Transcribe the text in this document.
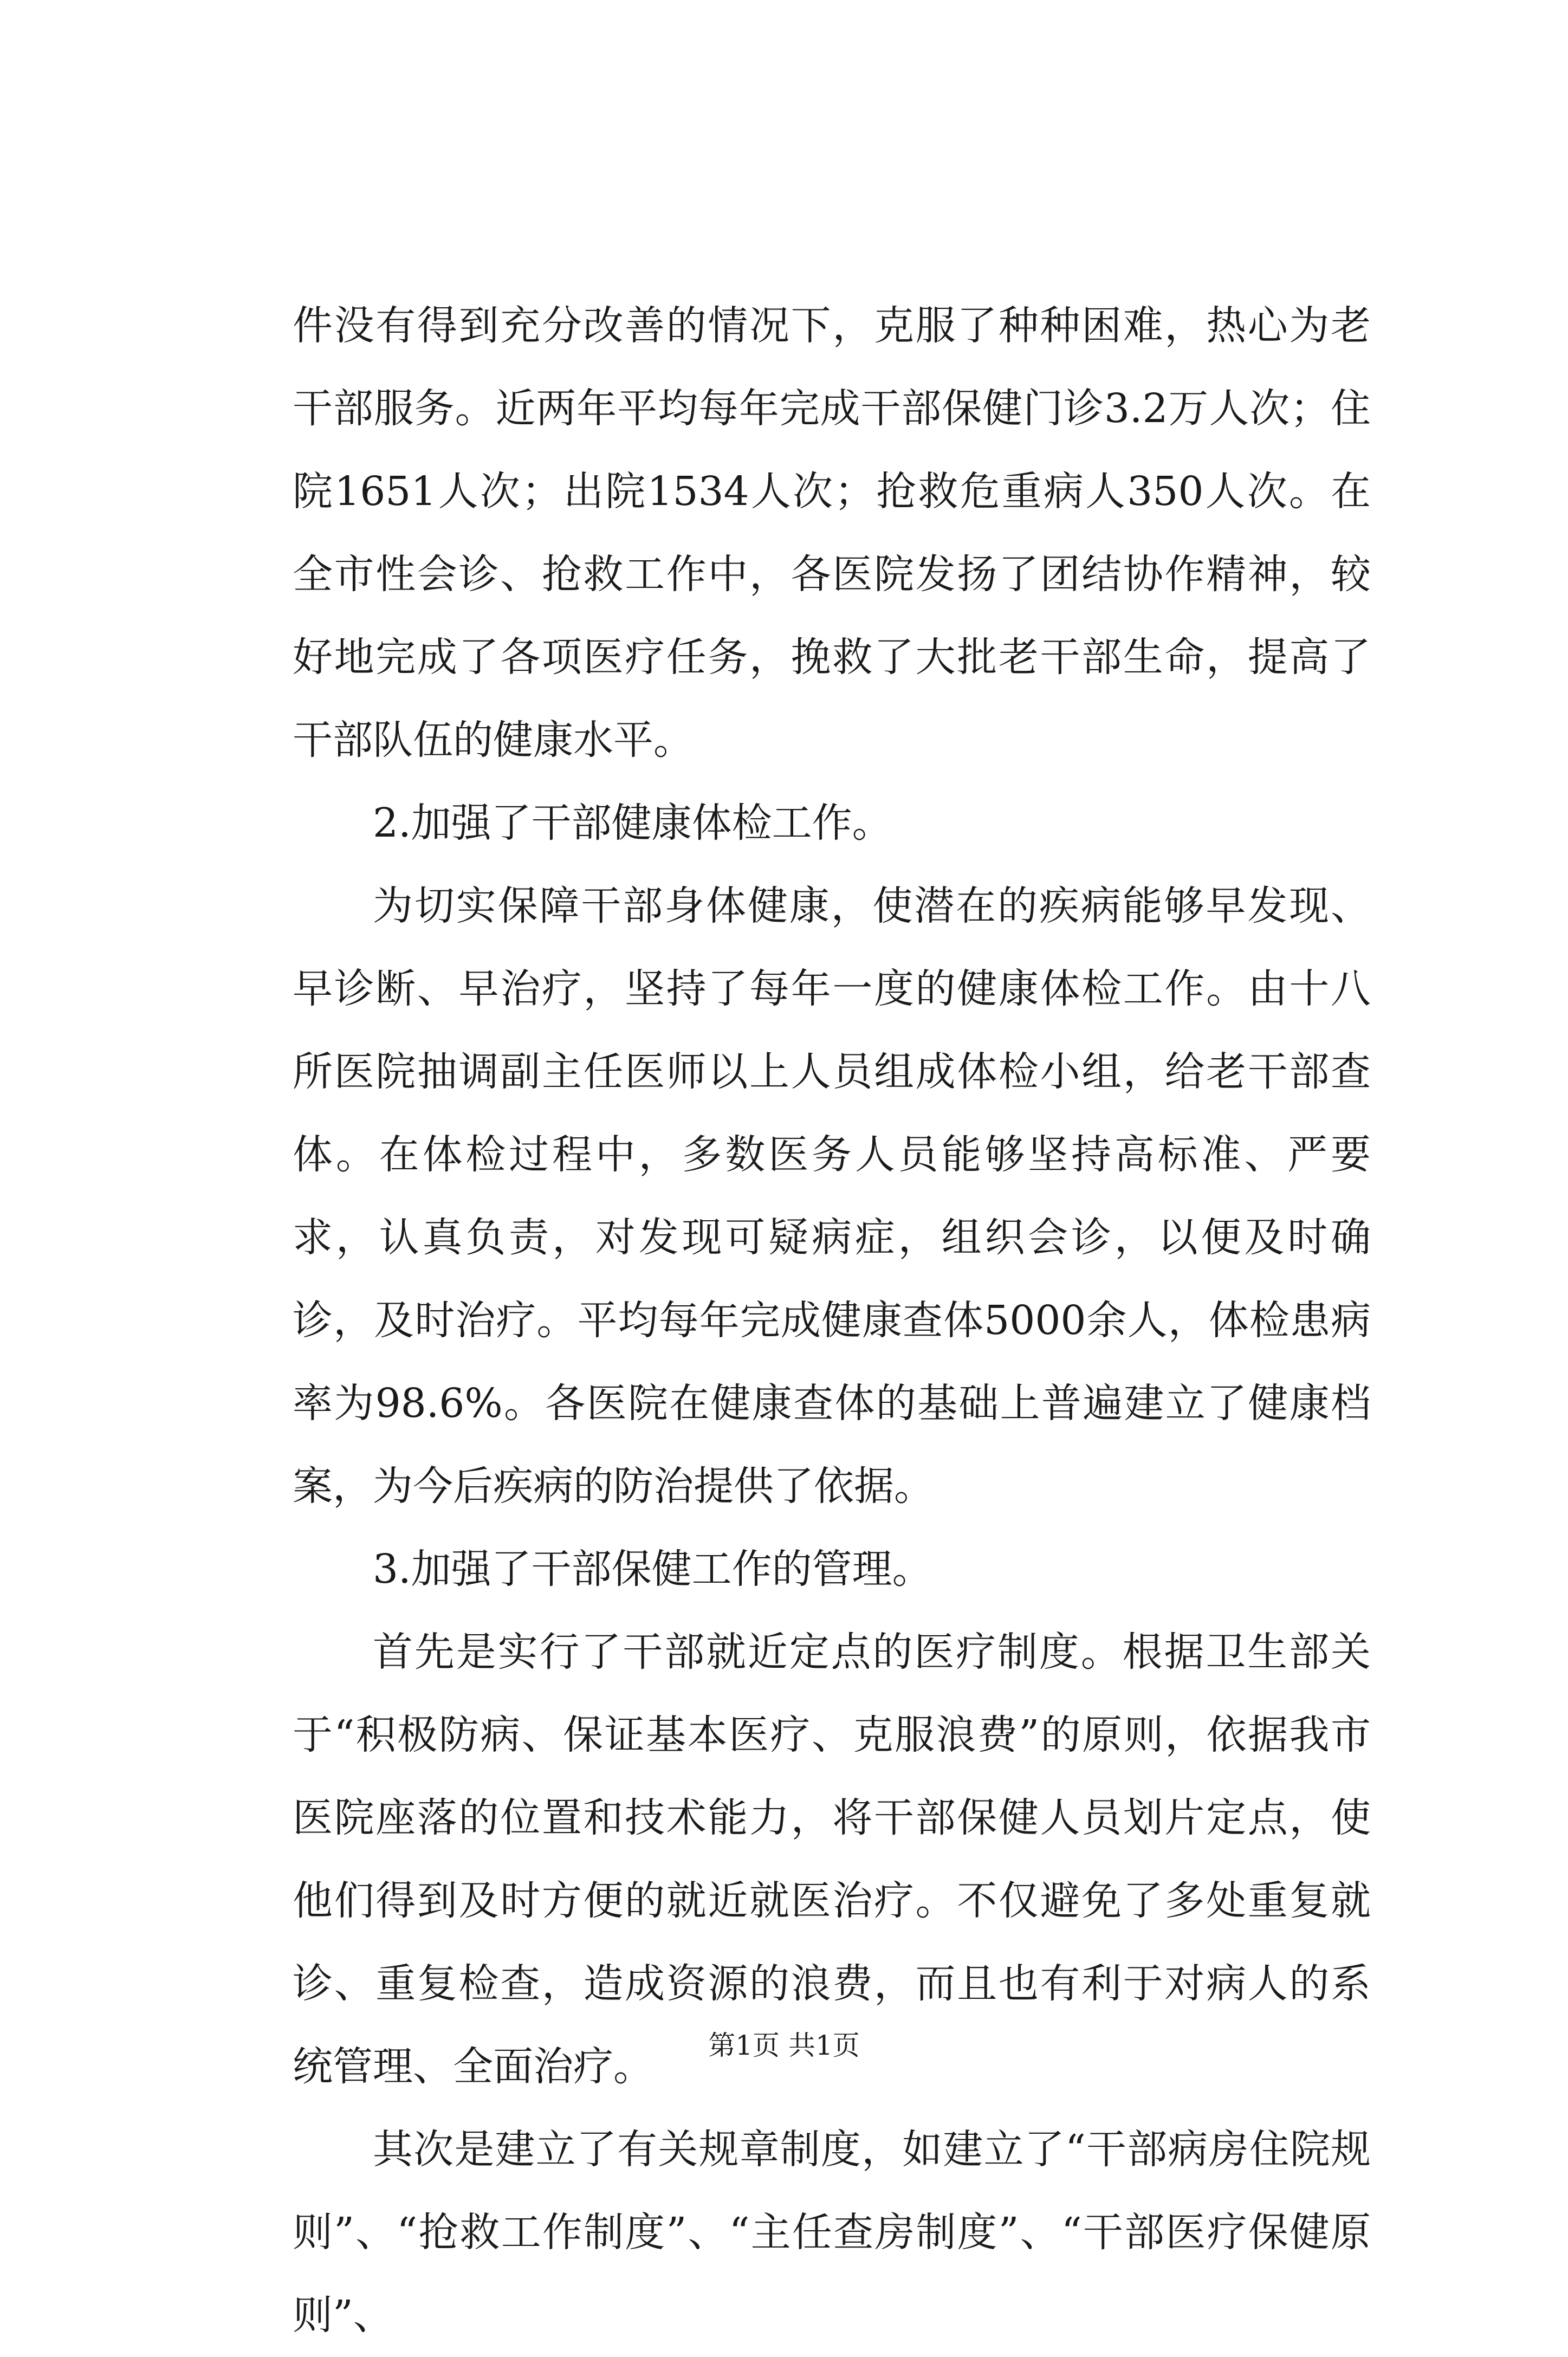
件没有得到充分改善的情况下，克服了种种困难，热心为老干部服务。近两年平均每年完成干部保健门诊3.2万人次；住院1651人次；出院1534人次；抢救危重病人350人次。在全市性会诊、抢救工作中，各医院发扬了团结协作精神，较好地完成了各项医疗任务，挽救了大批老干部生命，提高了干部队伍的健康水平。

2.加强了干部健康体检工作。

为切实保障干部身体健康，使潜在的疾病能够早发现、早诊断、早治疗，坚持了每年一度的健康体检工作。由十八所医院抽调副主任医师以上人员组成体检小组，给老干部查体。在体检过程中，多数医务人员能够坚持高标准、严要求，认真负责，对发现可疑病症，组织会诊，以便及时确诊，及时治疗。平均每年完成健康查体5000余人，体检患病率为98.6%。各医院在健康查体的基础上普遍建立了健康档案，为今后疾病的防治提供了依据。

3.加强了干部保健工作的管理。

首先是实行了干部就近定点的医疗制度。根据卫生部关于“积极防病、保证基本医疗、克服浪费”的原则，依据我市医院座落的位置和技术能力，将干部保健人员划片定点，使他们得到及时方便的就近就医治疗。不仅避免了多处重复就诊、重复检查，造成资源的浪费，而且也有利于对病人的系统管理、全面治疗。

其次是建立了有关规章制度，如建立了“干部病房住院规则”、“抢救工作制度”、“主任查房制度”、“干部医疗保健原则”、

第1页 共1页
